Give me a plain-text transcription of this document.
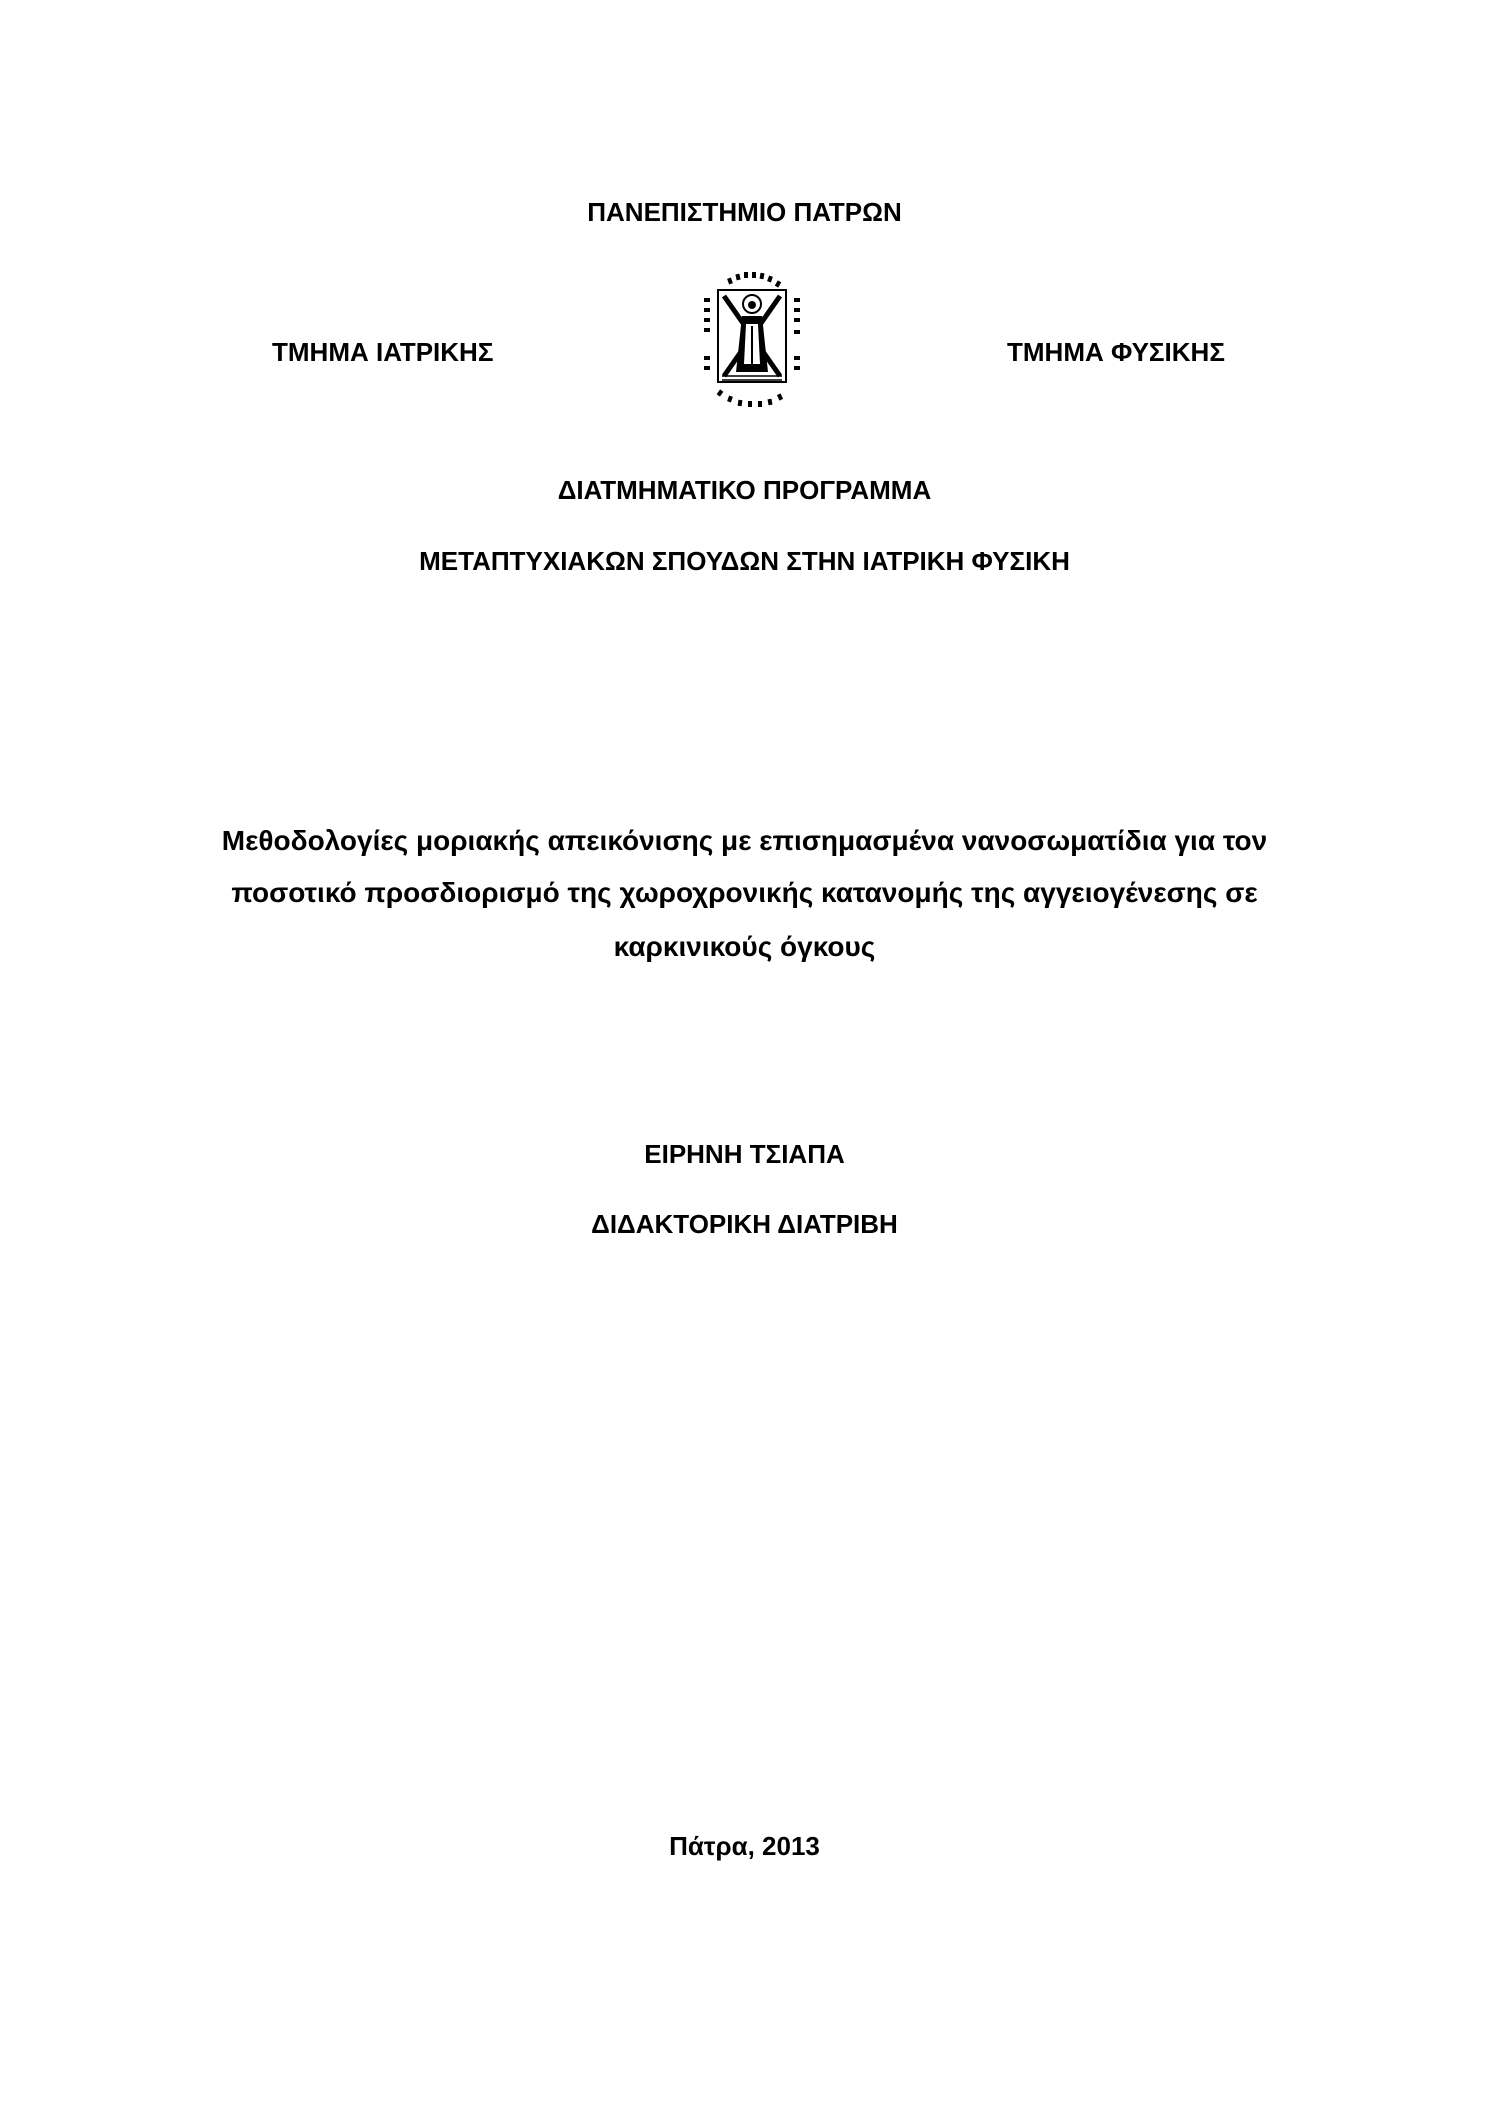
ΠΑΝΕΠΙΣΤΗΜΙΟ ΠΑΤΡΩΝ
ΤΜΗΜΑ ΙΑΤΡΙΚΗΣ	ΤΜΗΜΑ ΦΥΣΙΚΗΣ
ΔΙΑΤΜΗΜΑΤΙΚΟ ΠΡΟΓΡΑΜΜΑ
ΜΕΤΑΠΤΥΧΙΑΚΩΝ ΣΠΟΥΔΩΝ ΣΤΗΝ ΙΑΤΡΙΚΗ ΦΥΣΙΚΗ
Μεθοδολογίες μοριακής απεικόνισης με επισημασμένα νανοσωματίδια για τον
ποσοτικό προσδιορισμό της χωροχρονικής κατανομής της αγγειογένεσης σε
καρκινικούς όγκους
ΕΙΡΗΝΗ ΤΣΙΑΠΑ
ΔΙΔΑΚΤΟΡΙΚΗ ΔΙΑΤΡΙΒΗ
Πάτρα, 2013
